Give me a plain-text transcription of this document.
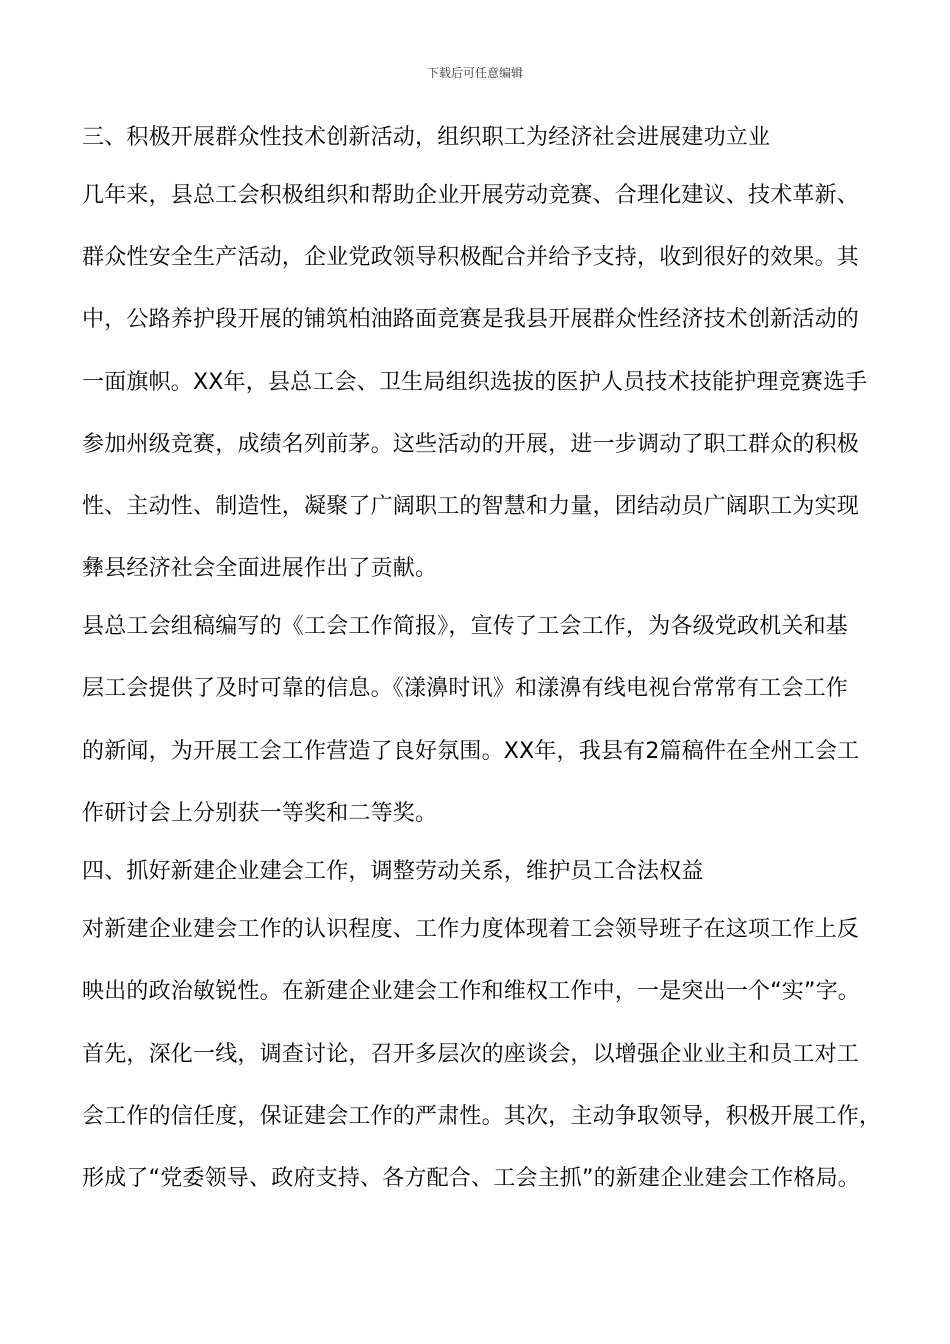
下载后可任意编辑
三、积极开展群众性技术创新活动，组织职工为经济社会进展建功立业
几年来，县总工会积极组织和帮助企业开展劳动竞赛、合理化建议、技术革新、
群众性安全生产活动，企业党政领导积极配合并给予支持，收到很好的效果。其
中，公路养护段开展的铺筑柏油路面竞赛是我县开展群众性经济技术创新活动的
一面旗帜。XX年，县总工会、卫生局组织选拔的医护人员技术技能护理竞赛选手
参加州级竞赛，成绩名列前茅。这些活动的开展，进一步调动了职工群众的积极
性、主动性、制造性，凝聚了广阔职工的智慧和力量，团结动员广阔职工为实现
彝县经济社会全面进展作出了贡献。
县总工会组稿编写的《工会工作简报》，宣传了工会工作，为各级党政机关和基
层工会提供了及时可靠的信息。《漾濞时讯》和漾濞有线电视台常常有工会工作
的新闻，为开展工会工作营造了良好氛围。XX年，我县有2篇稿件在全州工会工
作研讨会上分别获一等奖和二等奖。
四、抓好新建企业建会工作，调整劳动关系，维护员工合法权益
对新建企业建会工作的认识程度、工作力度体现着工会领导班子在这项工作上反
映出的政治敏锐性。在新建企业建会工作和维权工作中，一是突出一个“实”字。
首先，深化一线，调查讨论，召开多层次的座谈会，以增强企业业主和员工对工
会工作的信任度，保证建会工作的严肃性。其次，主动争取领导，积极开展工作，
形成了“党委领导、政府支持、各方配合、工会主抓”的新建企业建会工作格局。
